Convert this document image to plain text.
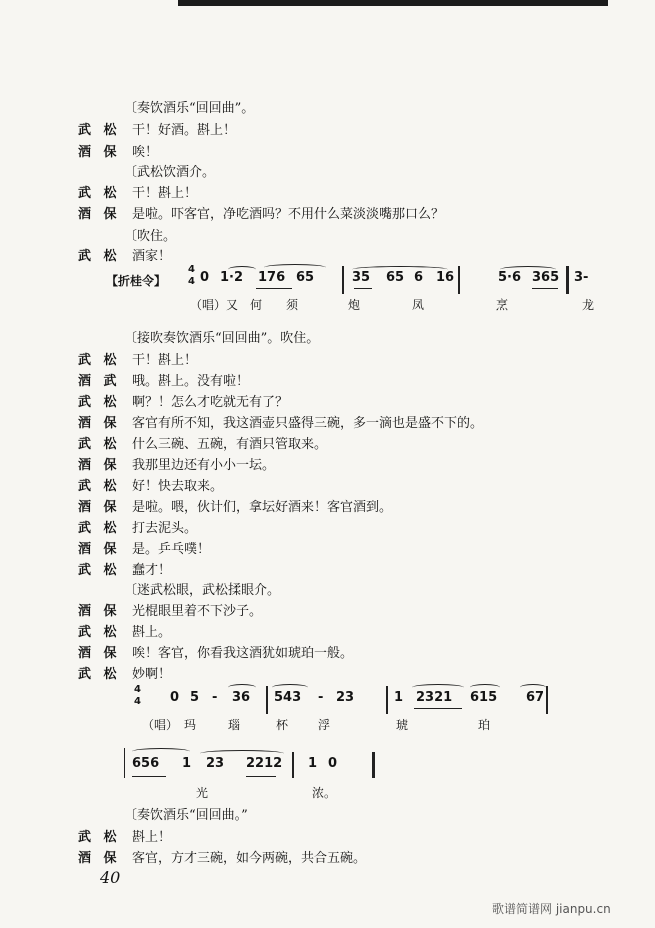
〔奏饮酒乐“回回曲”。
武 松 干！好酒。斟上！
酒 保 唉！
〔武松饮酒介。
武 松 干！斟上！
酒 保 是啦。吓客官，净吃酒吗？不用什么菜淡淡嘴那口么？
〔吹住。
武 松 酒家！
〔接吹奏饮酒乐“回回曲”。吹住。
武 松 干！斟上！
酒 武 哦。斟上。没有啦！
武 松 啊？！怎么才吃就无有了？
酒 保 客官有所不知，我这酒壶只盛得三碗，多一滴也是盛不下的。
武 松 什么三碗、五碗，有酒只管取来。
酒 保 我那里边还有小小一坛。
武 松 好！快去取来。
酒 保 是啦。喂，伙计们，拿坛好酒来！客官酒到。
武 松 打去泥头。
酒 保 是。乒乓噗！
武 松 蠢才！
〔迷武松眼，武松揉眼介。
酒 保 光棍眼里着不下沙子。
武 松 斟上。
酒 保 唉！客官，你看我这酒犹如琥珀一般。
武 松 妙啊！
〔奏饮酒乐“回回曲。”
武 松 斟上！
酒 保 客官，方才三碗，如今两碗，共合五碗。
【折桂令】
4
4 0 1·2 176 65	35 65 6 16	5·6 365 3-
（唱）又 何 须	炮	凤	烹	龙
4
4 0 5 - 36 543 - 23	1 2321 615 67
（唱） 玛	瑙	杯 浮	琥	珀
656 1 23 2212 1 0
光	浓。
40
歌谱简谱网 jianpu.cn
